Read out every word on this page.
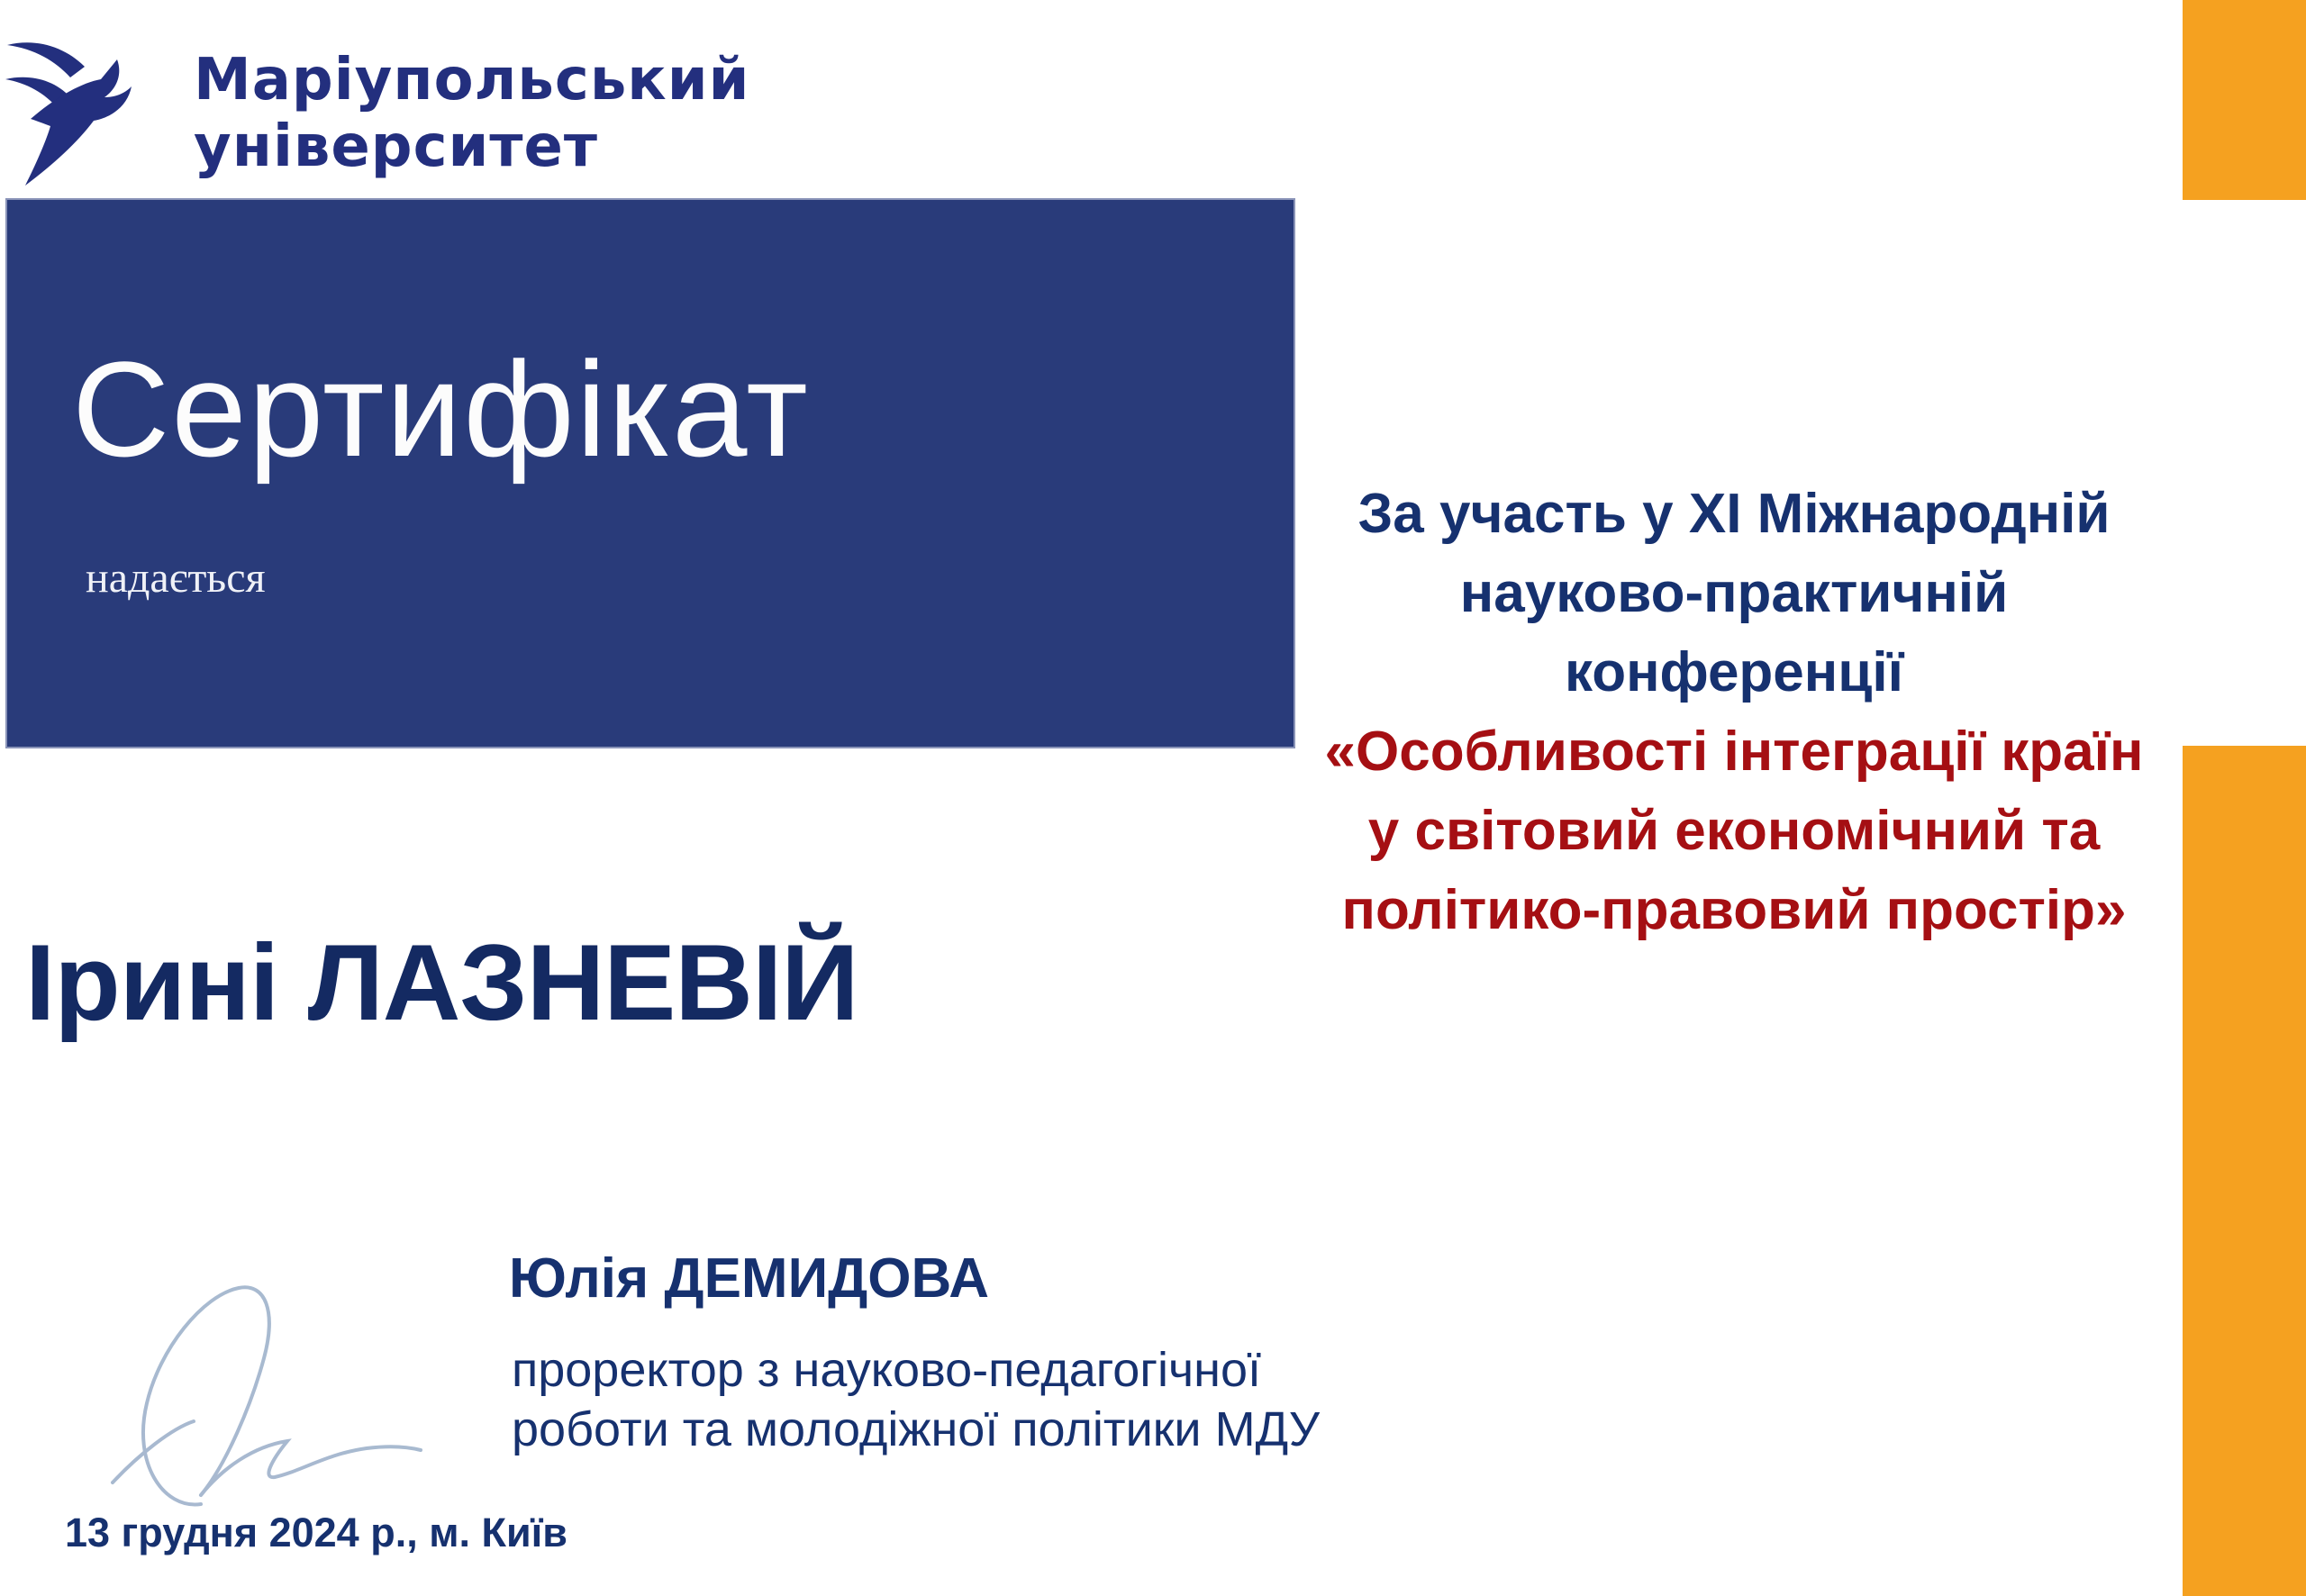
Маріупольський
університет
Сертифікат
надається
За участь у XI Міжнародній
науково-практичній
конференції
«Особливості інтеграції країн
у світовий економічний та
політико-правовий простір»
Ірині ЛАЗНЕВІЙ
Юлія ДЕМИДОВА
проректор з науково-педагогічної
роботи та молодіжної політики МДУ
13 грудня 2024 р., м. Київ
